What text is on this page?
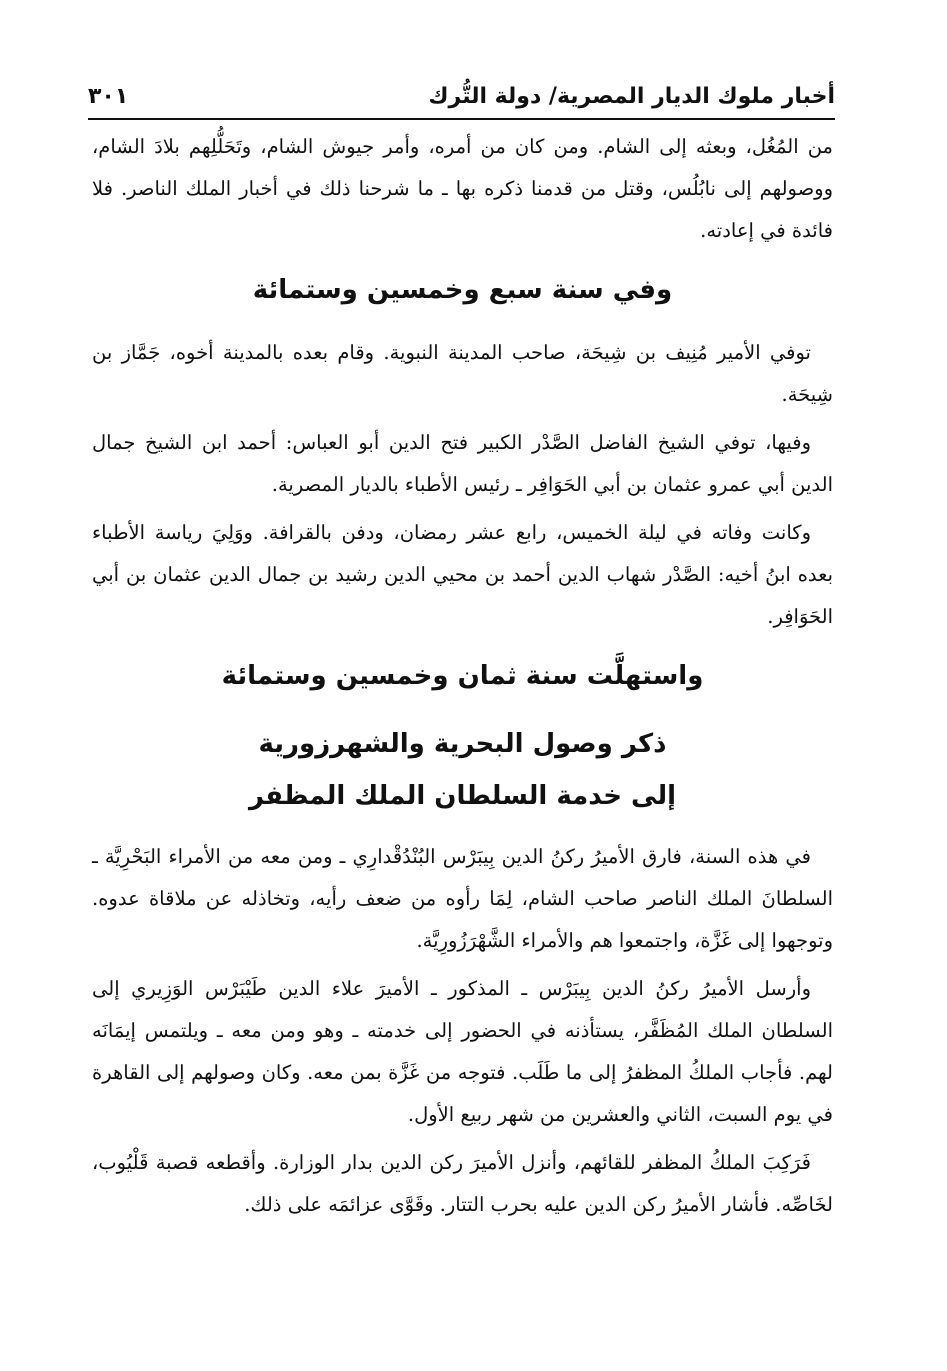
أخبار ملوك الديار المصرية/ دولة التُّرك
٣٠١

من المُغُل، وبعثه إلى الشام. ومن كان من أمره، وأمر جيوش الشام، وتَحَلُّلِهم بلادَ الشام، ووصولهم إلى نابُلُس، وقتل من قدمنا ذكره بها ـ ما شرحنا ذلك في أخبار الملك الناصر. فلا فائدة في إعادته.

وفي سنة سبع وخمسين وستمائة

توفي الأمير مُنِيف بن شِيحَة، صاحب المدينة النبوية. وقام بعده بالمدينة أخوه، جَمَّاز بن شِيحَة.

وفيها، توفي الشيخ الفاضل الصَّدْر الكبير فتح الدين أبو العباس: أحمد ابن الشيخ جمال الدين أبي عمرو عثمان بن أبي الحَوَافِر ـ رئيس الأطباء بالديار المصرية.

وكانت وفاته في ليلة الخميس، رابع عشر رمضان، ودفن بالقرافة. ووَلِيَ رياسة الأطباء بعده ابنُ أخيه: الصَّدْر شهاب الدين أحمد بن محيي الدين رشيد بن جمال الدين عثمان بن أبي الحَوَافِر.

واستهلَّت سنة ثمان وخمسين وستمائة
ذكر وصول البحرية والشهرزورية
إلى خدمة السلطان الملك المظفر

في هذه السنة، فارق الأميرُ ركنُ الدين بِيبَرْس البُنْدُقْدارِي ـ ومن معه من الأمراء البَحْرِيَّة ـ السلطانَ الملك الناصر صاحب الشام، لِمَا رأوه من ضعف رأيه، وتخاذله عن ملاقاة عدوه. وتوجهوا إلى غَزَّة، واجتمعوا هم والأمراء الشَّهْرَزُورِيَّة.

وأرسل الأميرُ ركنُ الدين بِيبَرْس ـ المذكور ـ الأميرَ علاء الدين طَيْبَرْس الوَزِيري إلى السلطان الملك المُظَفَّر، يستأذنه في الحضور إلى خدمته ـ وهو ومن معه ـ ويلتمس إيمَانَه لهم. فأجاب الملكُ المظفرُ إلى ما طَلَب. فتوجه من غَزَّة بمن معه. وكان وصولهم إلى القاهرة في يوم السبت، الثاني والعشرين من شهر ربيع الأول.

فَرَكِبَ الملكُ المظفر للقائهم، وأنزل الأميرَ ركن الدين بدار الوزارة. وأقطعه قصبة قَلْيُوب، لخَاصِّه. فأشار الأميرُ ركن الدين عليه بحرب التتار. وقَوَّى عزائمَه على ذلك.
